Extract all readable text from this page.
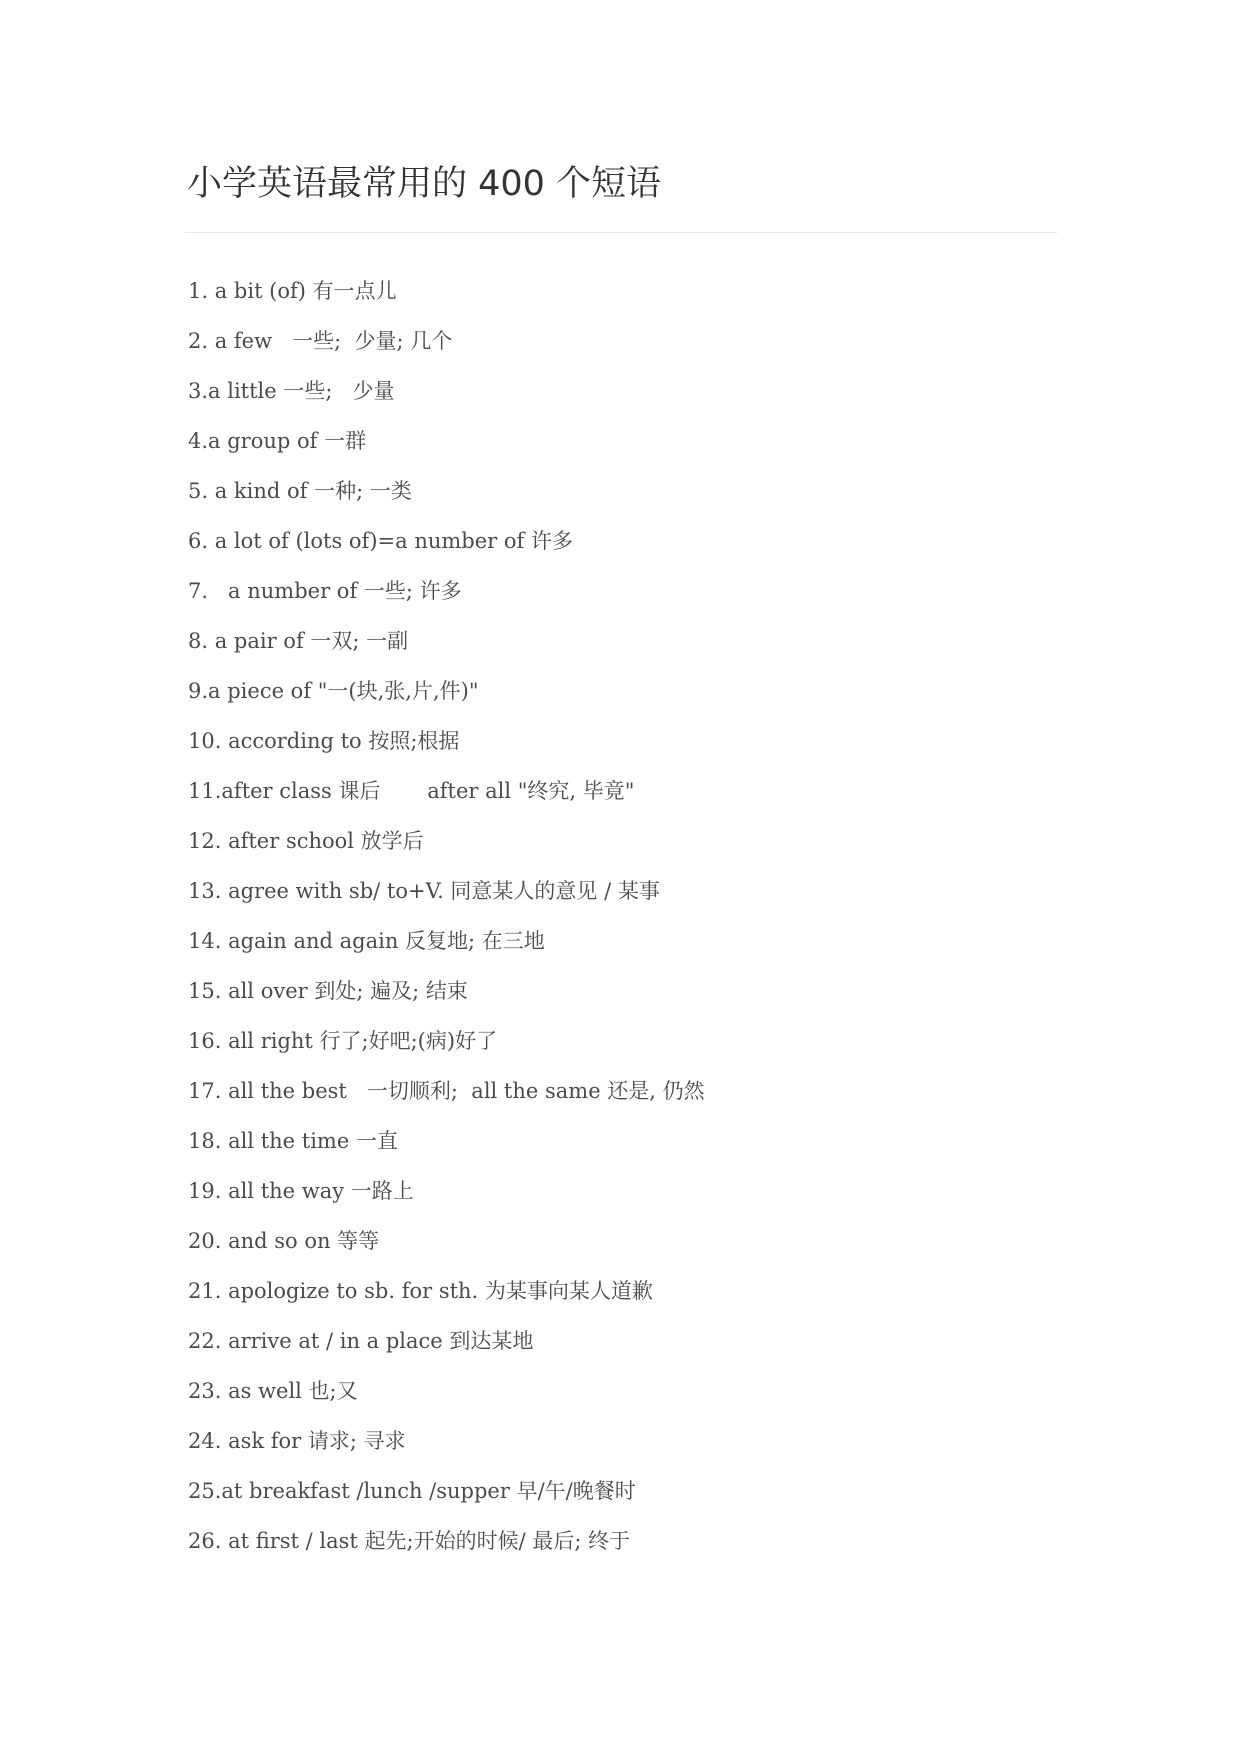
小学英语最常用的 400 个短语
1. a bit (of) 有一点儿
2. a few   一些;  少量; 几个
3.a little 一些;   少量
4.a group of 一群
5. a kind of 一种; 一类
6. a lot of (lots of)=a number of 许多
7.   a number of 一些; 许多
8. a pair of 一双; 一副
9.a piece of "一(块,张,片,件)"
10. according to 按照;根据
11.after class 课后       after all "终究, 毕竟"
12. after school 放学后
13. agree with sb/ to+V. 同意某人的意见 / 某事
14. again and again 反复地; 在三地
15. all over 到处; 遍及; 结束
16. all right 行了;好吧;(病)好了
17. all the best   一切顺利;  all the same 还是, 仍然
18. all the time 一直
19. all the way 一路上
20. and so on 等等
21. apologize to sb. for sth. 为某事向某人道歉
22. arrive at / in a place 到达某地
23. as well 也;又
24. ask for 请求; 寻求
25.at breakfast /lunch /supper 早/午/晚餐时
26. at first / last 起先;开始的时候/ 最后; 终于
